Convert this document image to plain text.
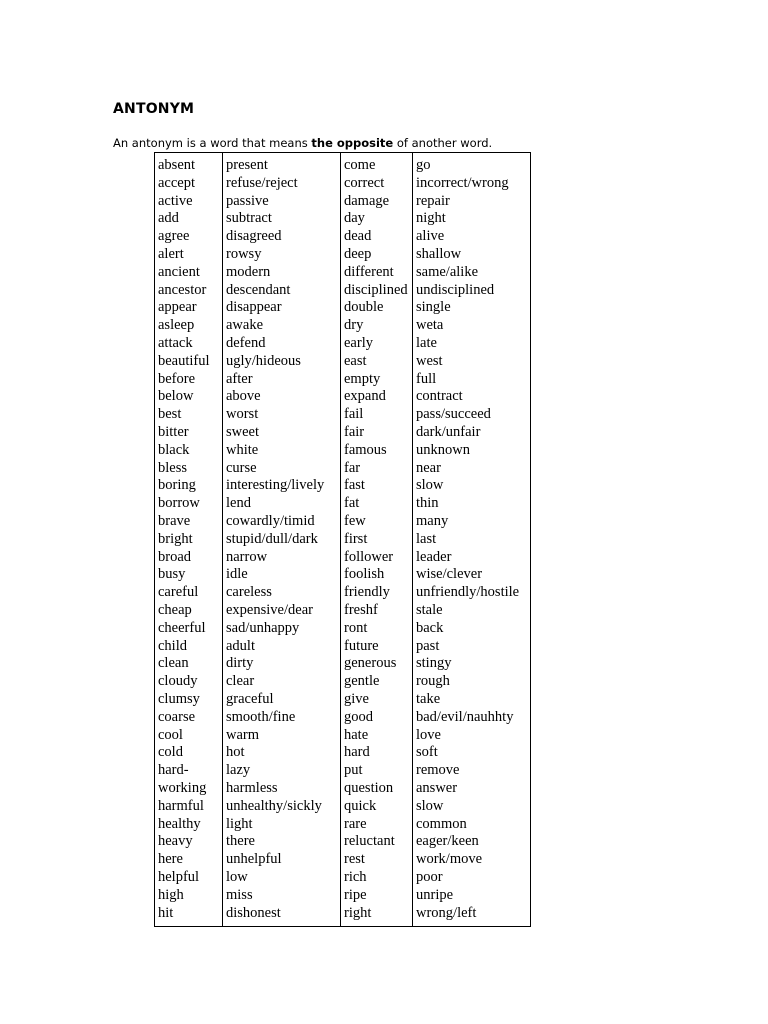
ANTONYM
An antonym is a word that means the opposite of another word.
absent
accept
active
add
agree
alert
ancient
ancestor
appear
asleep
attack
beautiful
before
below
best
bitter
black
bless
boring
borrow
brave
bright
broad
busy
careful
cheap
cheerful
child
clean
cloudy
clumsy
coarse
cool
cold
hard-
working
harmful
healthy
heavy
here
helpful
high
hit
present
refuse/reject
passive
subtract
disagreed
rowsy
modern
descendant
disappear
awake
defend
ugly/hideous
after
above
worst
sweet
white
curse
interesting/lively
lend
cowardly/timid
stupid/dull/dark
narrow
idle
careless
expensive/dear
sad/unhappy
adult
dirty
clear
graceful
smooth/fine
warm
hot
lazy
harmless
unhealthy/sickly
light
there
unhelpful
low
miss
dishonest
come
correct
damage
day
dead
deep
different
disciplined
double
dry
early
east
empty
expand
fail
fair
famous
far
fast
fat
few
first
follower
foolish
friendly
freshf
ront
future
generous
gentle
give
good
hate
hard
put
question
quick
rare
reluctant
rest
rich
ripe
right
go
incorrect/wrong
repair
night
alive
shallow
same/alike
undisciplined
single
weta
late
west
full
contract
pass/succeed
dark/unfair
unknown
near
slow
thin
many
last
leader
wise/clever
unfriendly/hostile
stale
back
past
stingy
rough
take
bad/evil/nauhhty
love
soft
remove
answer
slow
common
eager/keen
work/move
poor
unripe
wrong/left
